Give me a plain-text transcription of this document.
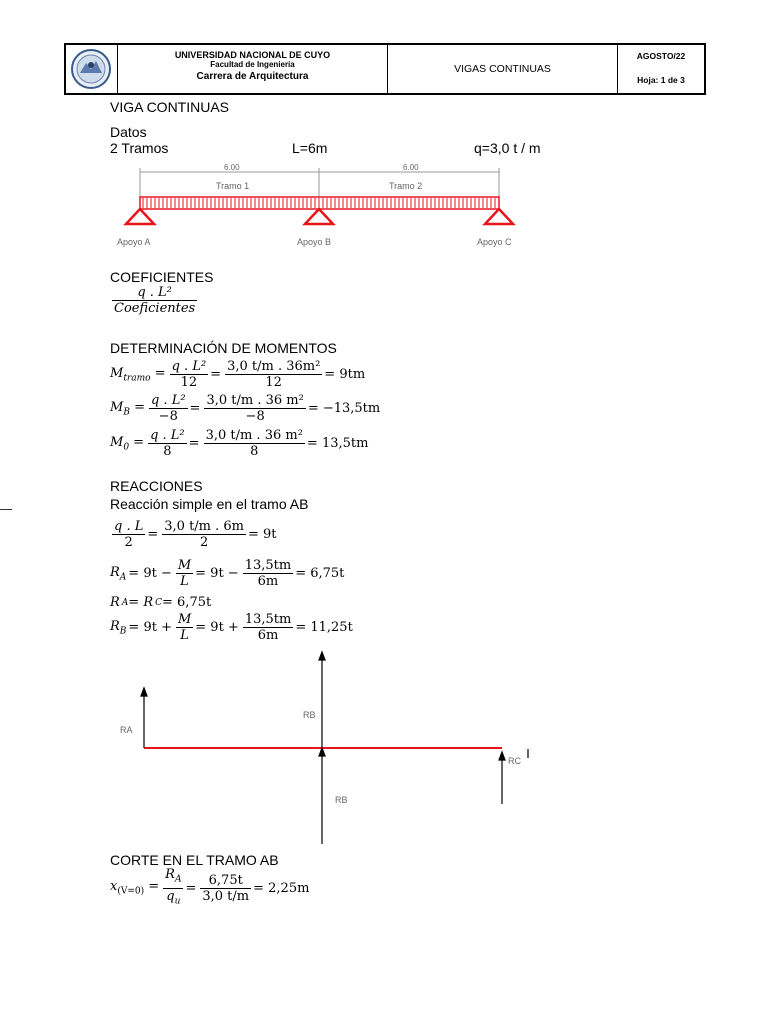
UNIVERSIDAD NACIONAL DE CUYO
Facultad de Ingeniería
Carrera de Arquitectura
VIGAS CONTINUAS
AGOSTO/22
Hoja: 1 de 3
VIGA CONTINUAS
Datos
2 Tramos	L=6m	q=3,0 t / m
6.00	6.00
Tramo 1	Tramo 2
Apoyo A	Apoyo B	Apoyo C
COEFICIENTES
$\frac{\text{q . L²}}{\text{Coeficientes}}$
DETERMINACIÓN DE MOMENTOS
$M_{tramo} = \frac{\text{q . L²}}{12} = \frac{\text{3,0 t/m . 36m²}}{12} = 9tm$
$M_B = \frac{\text{q . L²}}{-8} = \frac{\text{3,0 t/m . 36 m²}}{-8} = -13,5tm$
$M_0 = \frac{\text{q . L²}}{8} = \frac{\text{3,0 t/m . 36 m²}}{8} = 13,5tm$
REACCIONES
Reacción simple en el tramo AB
$\frac{q . L}{2} = \frac{3,0 t/m . 6m}{2} = 9t$
$R_A = 9t - \frac{M}{L} = 9t - \frac{13,5tm}{6m} = 6,75t$
R A = R C = 6,75t
$R_B = 9t + \frac{M}{L} = 9t + \frac{13,5tm}{6m} = 11,25t$
RA
RB
RB
RC
CORTE EN EL TRAMO AB
$x_{(V=0)} = \frac{R_A}{q_u} = \frac{6,75t}{3,0 t/m} = 2,25m$
